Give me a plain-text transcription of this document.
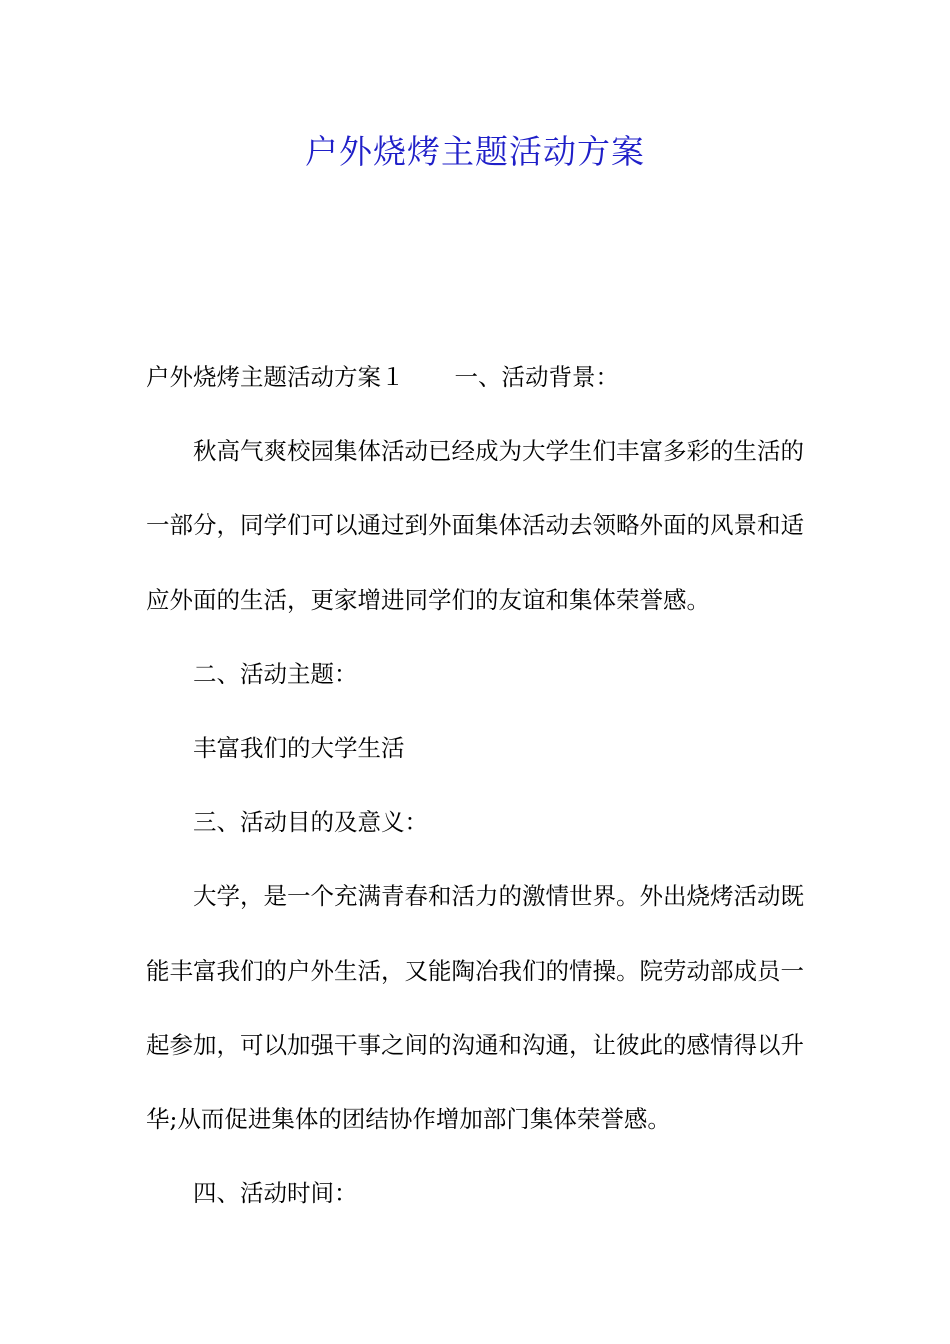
户外烧烤主题活动方案

户外烧烤主题活动方案１ 一、活动背景：

秋高气爽校园集体活动已经成为大学生们丰富多彩的生活的一部分，同学们可以通过到外面集体活动去领略外面的风景和适应外面的生活，更家增进同学们的友谊和集体荣誉感。

二、活动主题：

丰富我们的大学生活

三、活动目的及意义：

大学，是一个充满青春和活力的激情世界。外出烧烤活动既能丰富我们的户外生活，又能陶冶我们的情操。院劳动部成员一起参加，可以加强干事之间的沟通和沟通，让彼此的感情得以升华;从而促进集体的团结协作增加部门集体荣誉感。

四、活动时间：
